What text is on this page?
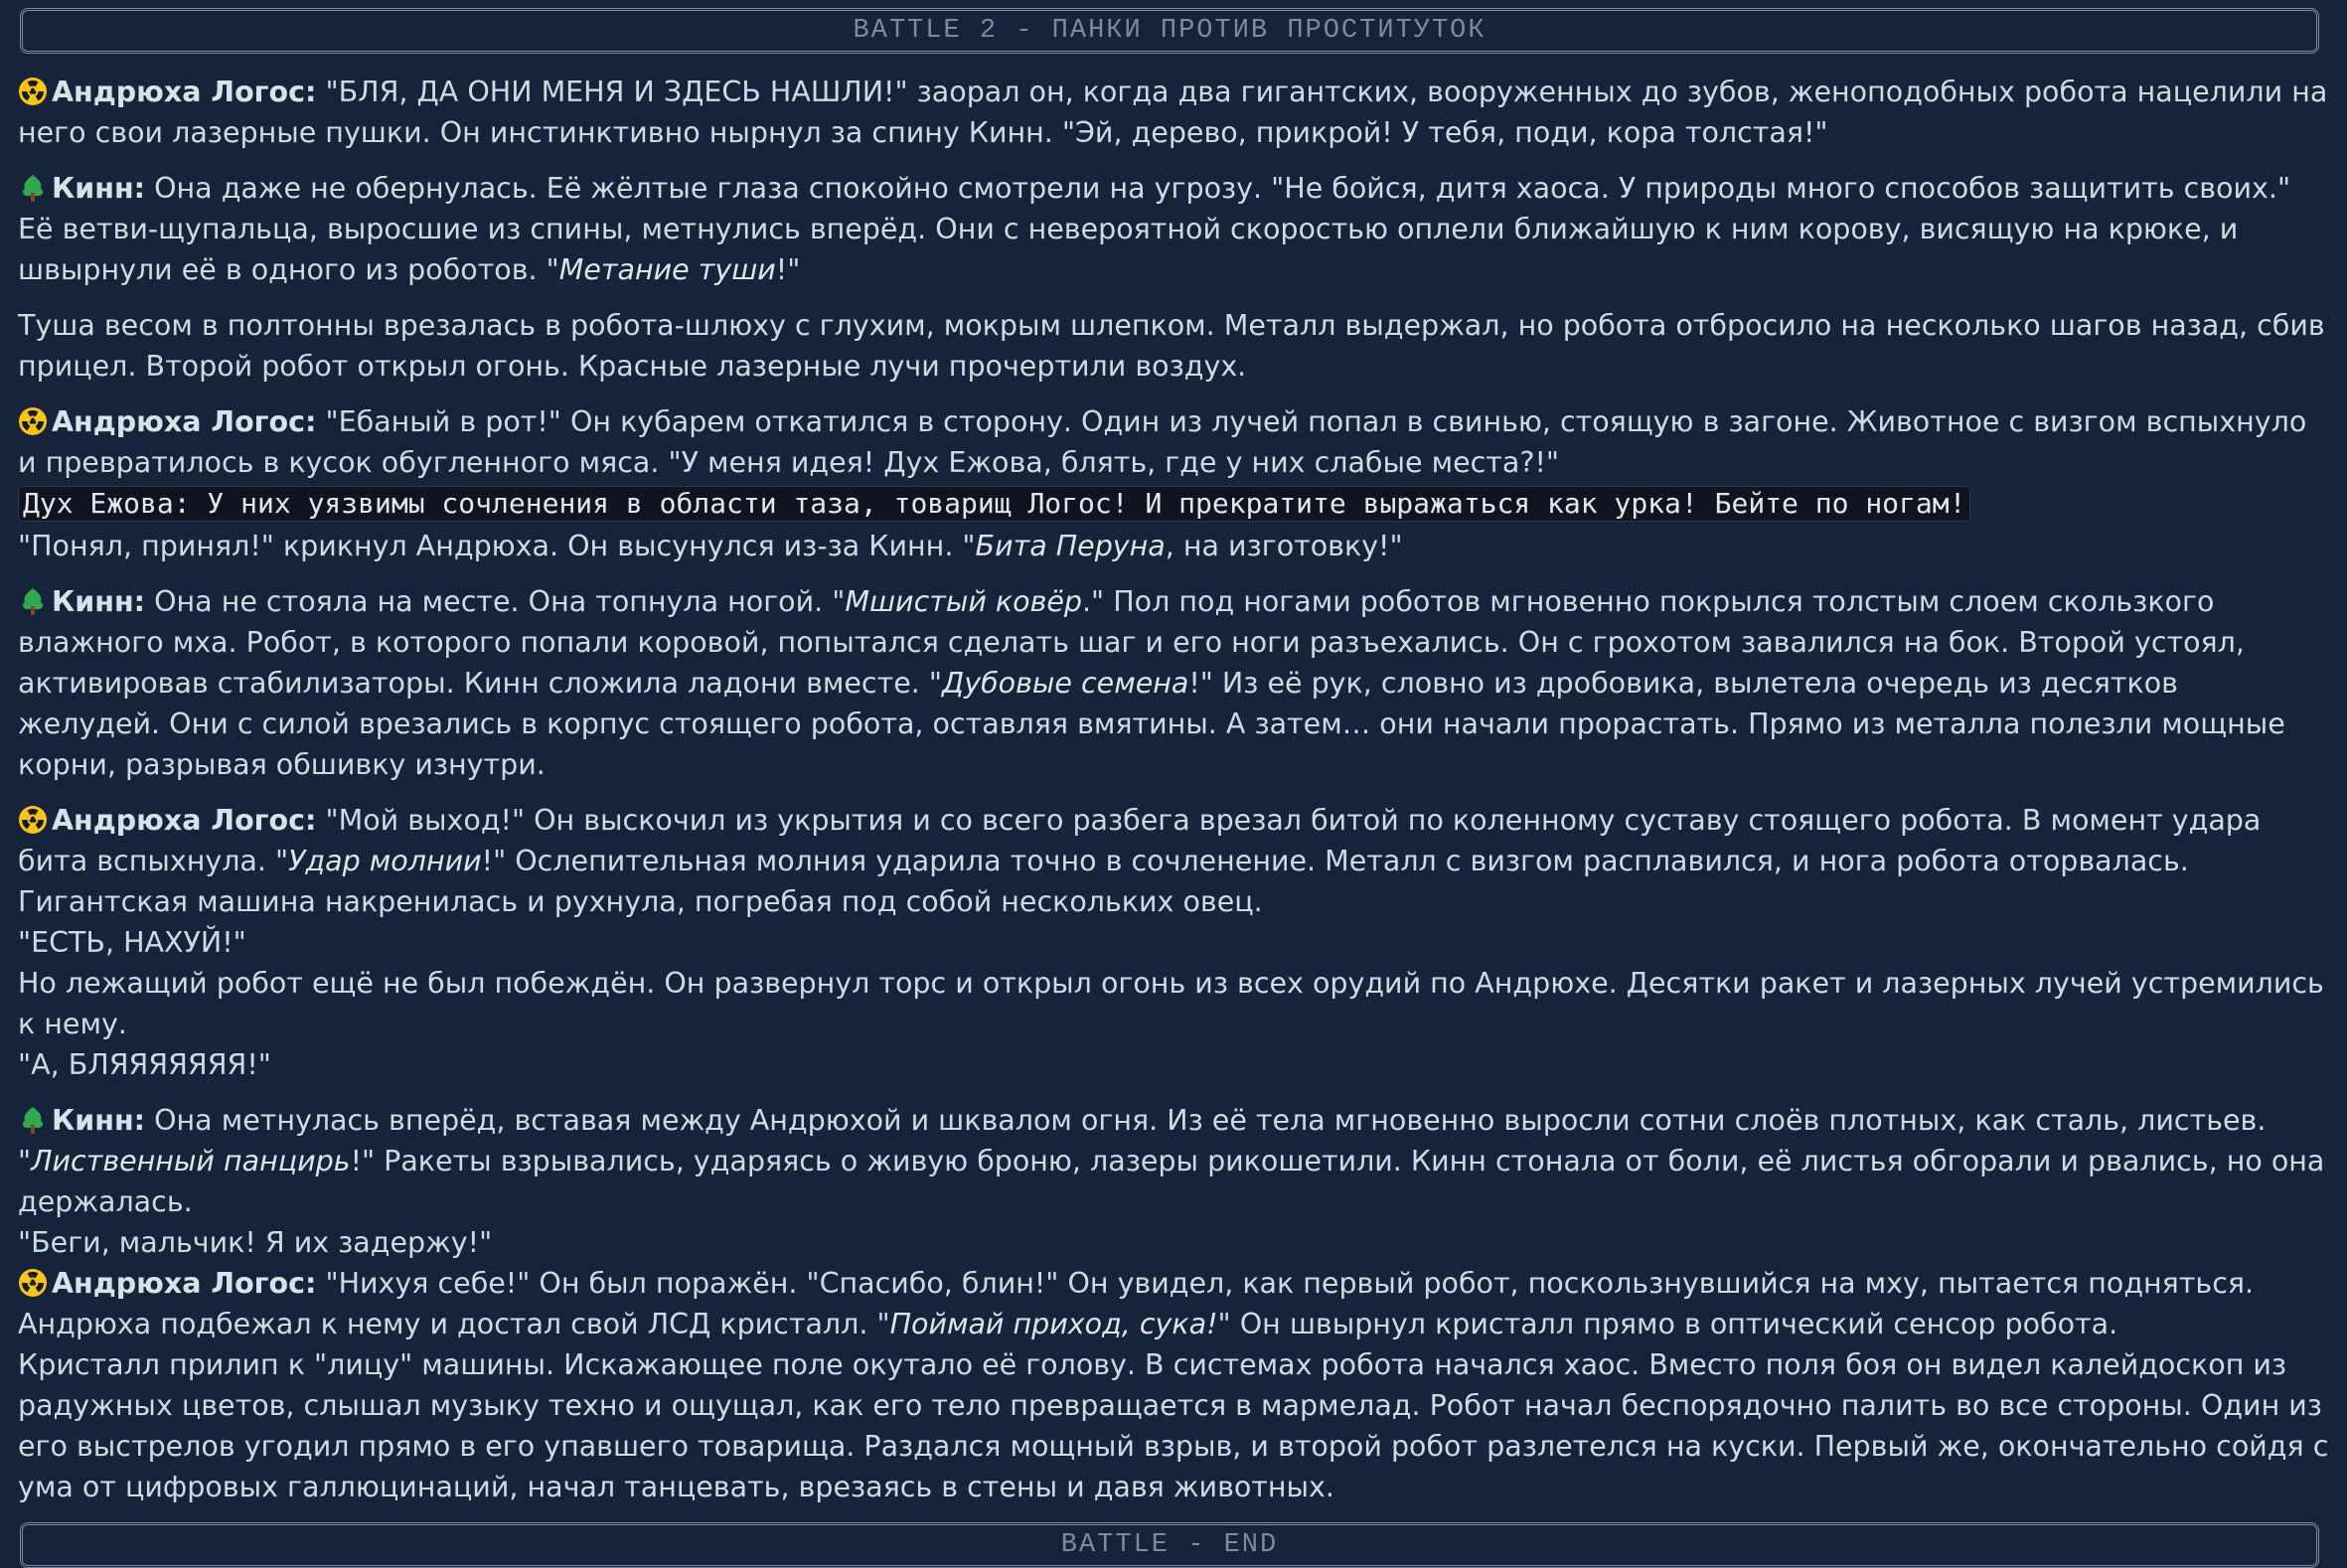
BATTLE 2 - ПАНКИ ПРОТИВ ПРОСТИТУТОК
Андрюха Логос: "БЛЯ, ДА ОНИ МЕНЯ И ЗДЕСЬ НАШЛИ!" заорал он, когда два гигантских, вооруженных до зубов, женоподобных робота нацелили на него свои лазерные пушки. Он инстинктивно нырнул за спину Кинн. "Эй, дерево, прикрой! У тебя, поди, кора толстая!"
Кинн: Она даже не обернулась. Её жёлтые глаза спокойно смотрели на угрозу. "Не бойся, дитя хаоса. У природы много способов защитить своих." Её ветви-щупальца, выросшие из спины, метнулись вперёд. Они с невероятной скоростью оплели ближайшую к ним корову, висящую на крюке, и швырнули её в одного из роботов. "Метание туши!"
Туша весом в полтонны врезалась в робота-шлюху с глухим, мокрым шлепком. Металл выдержал, но робота отбросило на несколько шагов назад, сбив прицел. Второй робот открыл огонь. Красные лазерные лучи прочертили воздух.
Андрюха Логос: "Ебаный в рот!" Он кубарем откатился в сторону. Один из лучей попал в свинью, стоящую в загоне. Животное с визгом вспыхнуло и превратилось в кусок обугленного мяса. "У меня идея! Дух Ежова, блять, где у них слабые места?!"
Дух Ежова: У них уязвимы сочленения в области таза, товарищ Логос! И прекратите выражаться как урка! Бейте по ногам!
"Понял, принял!" крикнул Андрюха. Он высунулся из-за Кинн. "Бита Перуна, на изготовку!"
Кинн: Она не стояла на месте. Она топнула ногой. "Мшистый ковёр." Пол под ногами роботов мгновенно покрылся толстым слоем скользкого влажного мха. Робот, в которого попали коровой, попытался сделать шаг и его ноги разъехались. Он с грохотом завалился на бок. Второй устоял, активировав стабилизаторы. Кинн сложила ладони вместе. "Дубовые семена!" Из её рук, словно из дробовика, вылетела очередь из десятков желудей. Они с силой врезались в корпус стоящего робота, оставляя вмятины. А затем… они начали прорастать. Прямо из металла полезли мощные корни, разрывая обшивку изнутри.
Андрюха Логос: "Мой выход!" Он выскочил из укрытия и со всего разбега врезал битой по коленному суставу стоящего робота. В момент удара бита вспыхнула. "Удар молнии!" Ослепительная молния ударила точно в сочленение. Металл с визгом расплавился, и нога робота оторвалась. Гигантская машина накренилась и рухнула, погребая под собой нескольких овец.
"ЕСТЬ, НАХУЙ!"
Но лежащий робот ещё не был побеждён. Он развернул торс и открыл огонь из всех орудий по Андрюхе. Десятки ракет и лазерных лучей устремились к нему.
"А, БЛЯЯЯЯЯЯЯ!"
Кинн: Она метнулась вперёд, вставая между Андрюхой и шквалом огня. Из её тела мгновенно выросли сотни слоёв плотных, как сталь, листьев. "Лиственный панцирь!" Ракеты взрывались, ударяясь о живую броню, лазеры рикошетили. Кинн стонала от боли, её листья обгорали и рвались, но она держалась.
"Беги, мальчик! Я их задержу!"
Андрюха Логос: "Нихуя себе!" Он был поражён. "Спасибо, блин!" Он увидел, как первый робот, поскользнувшийся на мху, пытается подняться. Андрюха подбежал к нему и достал свой ЛСД кристалл. "Поймай приход, сука!" Он швырнул кристалл прямо в оптический сенсор робота.
Кристалл прилип к "лицу" машины. Искажающее поле окутало её голову. В системах робота начался хаос. Вместо поля боя он видел калейдоскоп из радужных цветов, слышал музыку техно и ощущал, как его тело превращается в мармелад. Робот начал беспорядочно палить во все стороны. Один из его выстрелов угодил прямо в его упавшего товарища. Раздался мощный взрыв, и второй робот разлетелся на куски. Первый же, окончательно сойдя с ума от цифровых галлюцинаций, начал танцевать, врезаясь в стены и давя животных.
BATTLE - END
